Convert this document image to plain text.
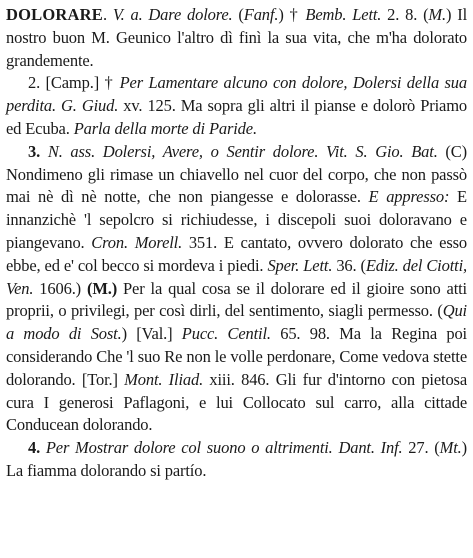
DOLORARE. V. a. Dare dolore. (Fanf.) † Bemb. Lett. 2. 8. (M.) Il nostro buon M. Geunico l'altro dì finì la sua vita, che m'ha dolorato grandemente.

2. [Camp.] † Per Lamentare alcuno con dolore, Dolersi della sua perdita. G. Giud. xv. 125. Ma sopra gli altri il pianse e dolorò Priamo ed Ecuba. Parla della morte di Paride.

3. N. ass. Dolersi, Avere, o Sentir dolore. Vit. S. Gio. Bat. (C) Nondimeno gli rimase un chiavello nel cuor del corpo, che non passò mai nè dì nè notte, che non piangesse e dolorasse. E appresso: E innanzichè 'l sepolcro si richiudesse, i discepoli suoi doloravano e piangevano. Cron. Morell. 351. E cantato, ovvero dolorato che esso ebbe, ed e' col becco si mordeva i piedi. Sper. Lett. 36. (Ediz. del Ciotti, Ven. 1606.) (M.) Per la qual cosa se il dolorare ed il gioire sono atti proprii, o privilegi, per così dirli, del sentimento, siagli permesso. (Qui a modo di Sost.) [Val.] Pucc. Centil. 65. 98. Ma la Regina poi considerando Che 'l suo Re non le volle perdonare, Come vedova stette dolorando. [Tor.] Mont. Iliad. xiii. 846. Gli fur d'intorno con pietosa cura I generosi Paflagoni, e lui Collocato sul carro, alla cittade Conducean dolorando.

4. Per Mostrar dolore col suono o altrimenti. Dant. Inf. 27. (Mt.) La fiamma dolorando si partío.
